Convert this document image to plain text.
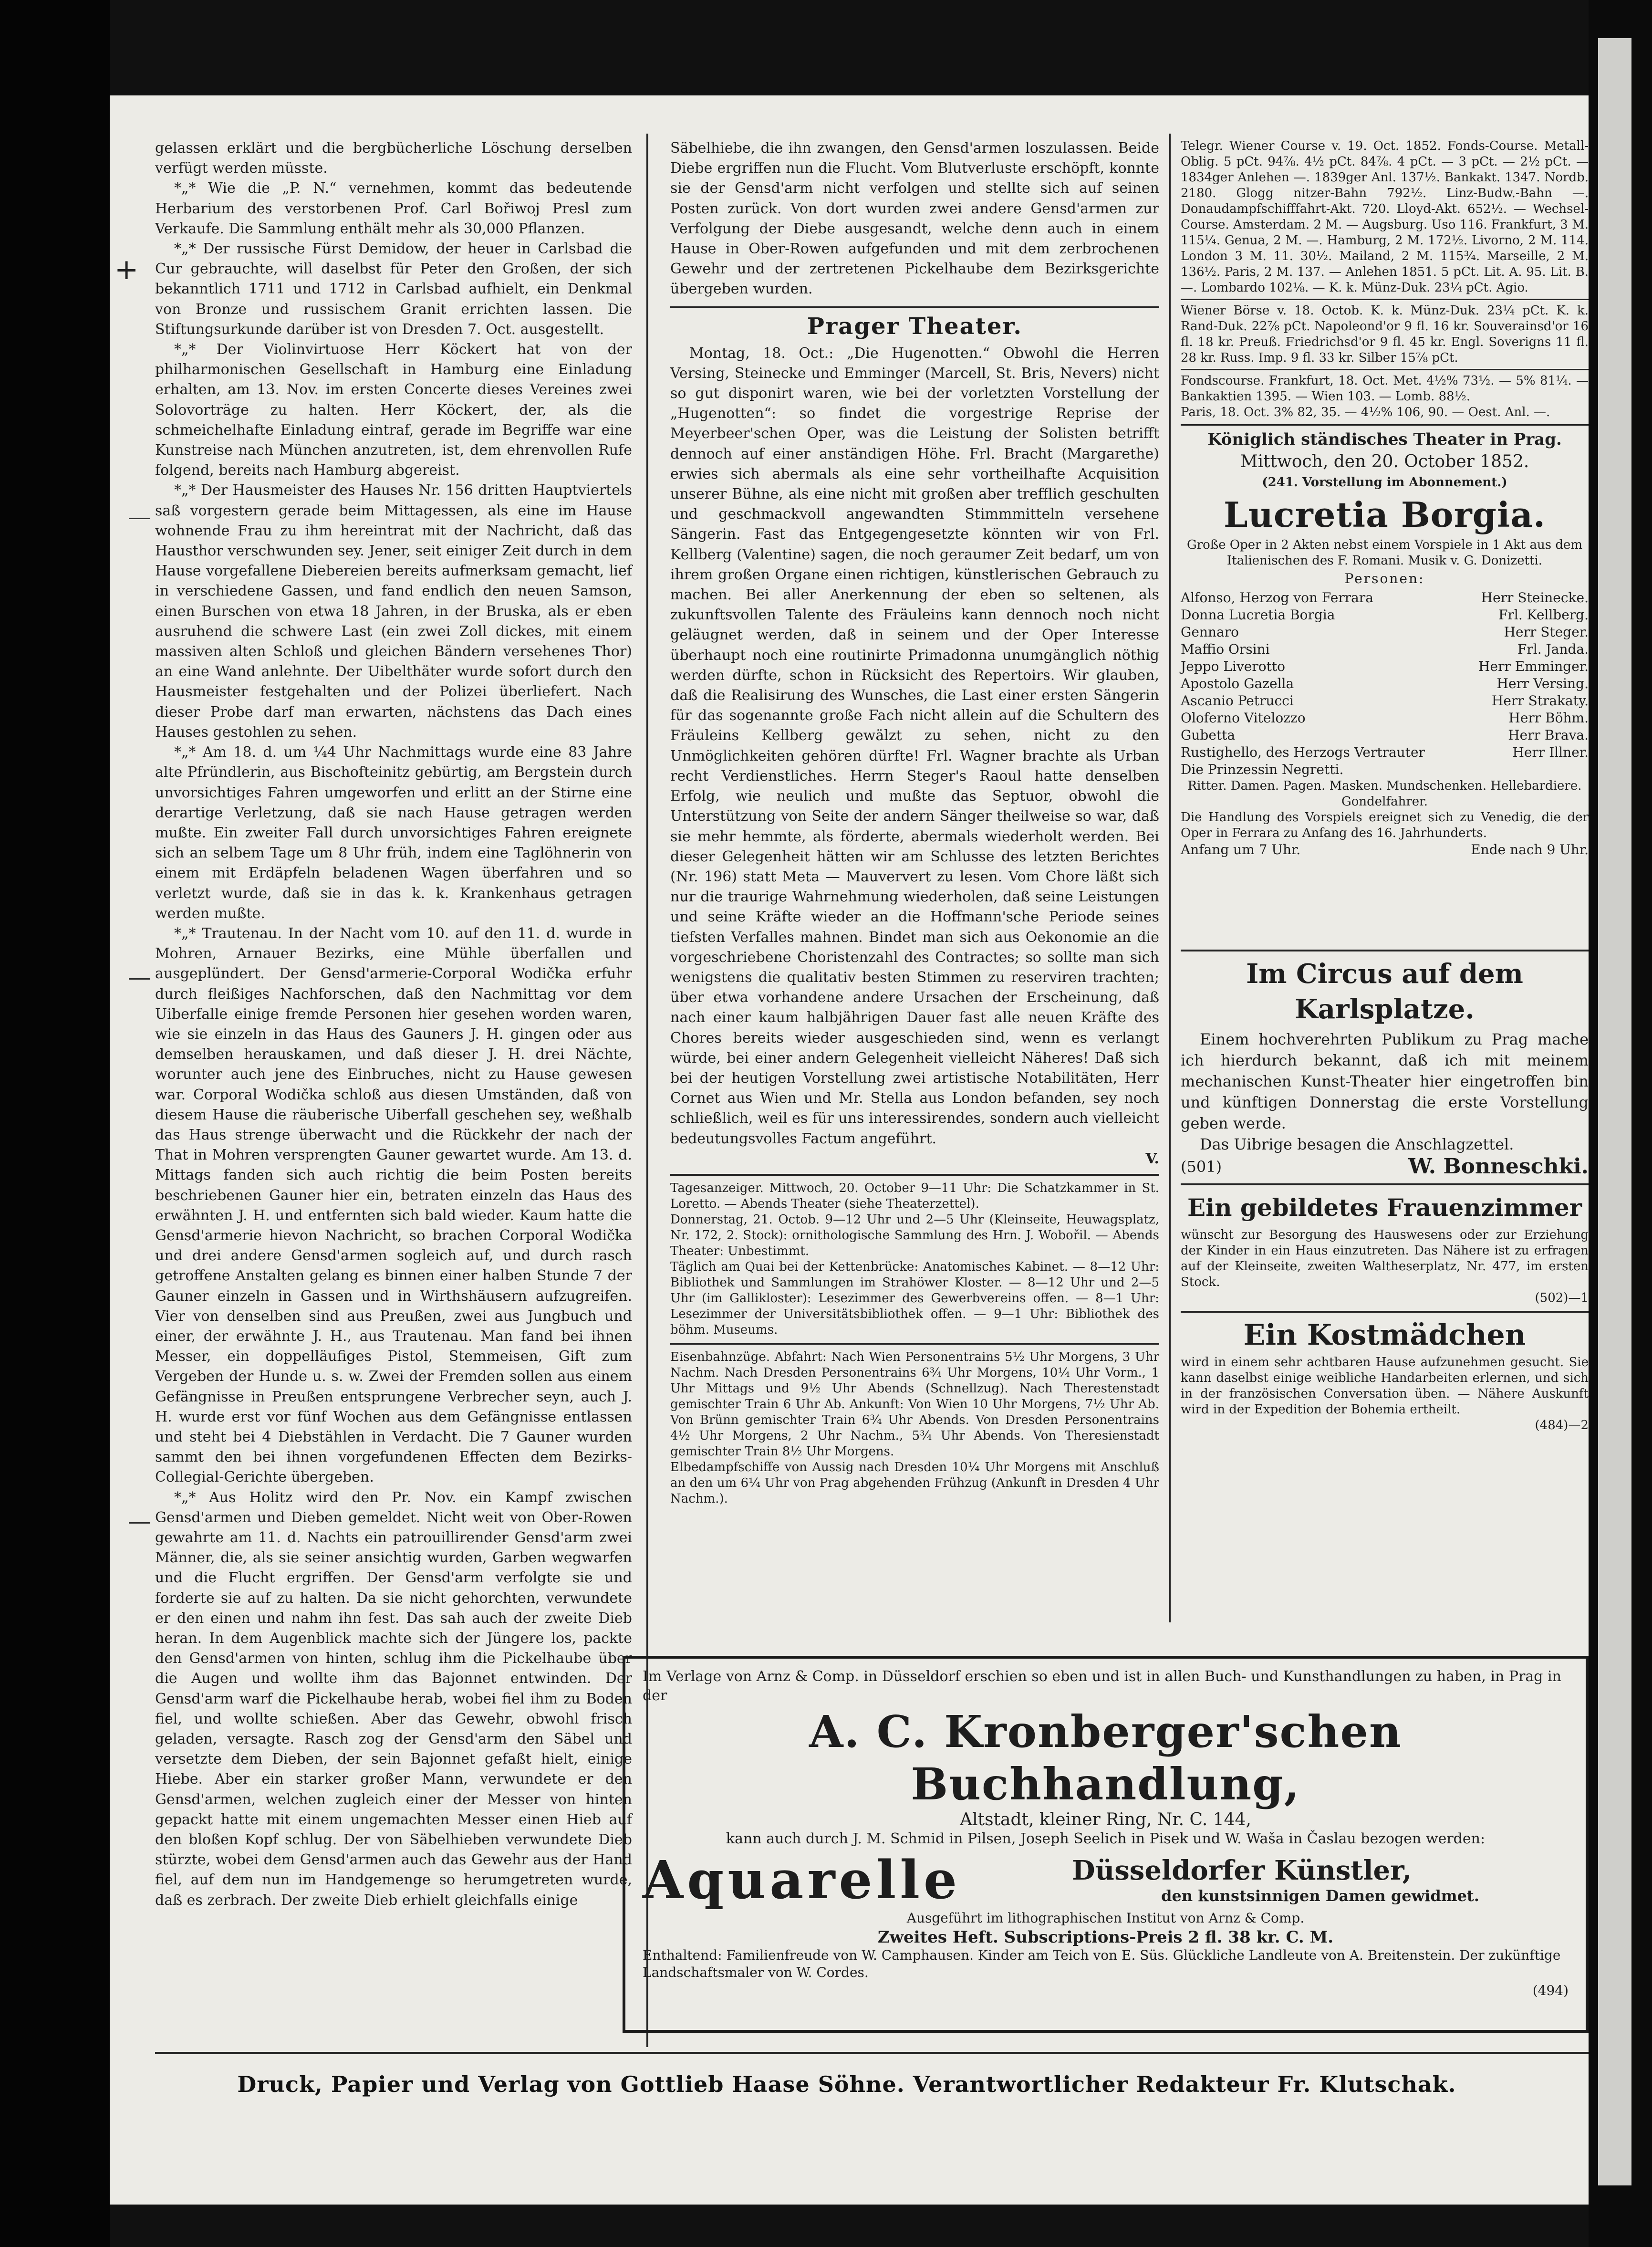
gelassen erklärt und die bergbücherliche Löschung derselben verfügt werden müsste.

*„* Wie die „P. N.“ vernehmen, kommt das bedeutende Herbarium des verstorbenen Prof. Carl Bořiwoj Presl zum Verkaufe. Die Sammlung enthält mehr als 30,000 Pflanzen.

*„* Der russische Fürst Demidow, der heuer in Carlsbad die Cur gebrauchte, will daselbst für Peter den Großen, der sich bekanntlich 1711 und 1712 in Carlsbad aufhielt, ein Denkmal von Bronze und russischem Granit errichten lassen. Die Stiftungsurkunde darüber ist von Dresden 7. Oct. ausgestellt.

*„* Der Violinvirtuose Herr Köckert hat von der philharmonischen Gesellschaft in Hamburg eine Einladung erhalten, am 13. Nov. im ersten Concerte dieses Vereines zwei Solovorträge zu halten. Herr Köckert, der, als die schmeichelhafte Einladung eintraf, gerade im Begriffe war eine Kunstreise nach München anzutreten, ist, dem ehrenvollen Rufe folgend, bereits nach Hamburg abgereist.

*„* Der Hausmeister des Hauses Nr. 156 dritten Hauptviertels saß vorgestern gerade beim Mittagessen, als eine im Hause wohnende Frau zu ihm hereintrat mit der Nachricht, daß das Hausthor verschwunden sey. Jener, seit einiger Zeit durch in dem Hause vorgefallene Diebereien bereits aufmerksam gemacht, lief in verschiedene Gassen, und fand endlich den neuen Samson, einen Burschen von etwa 18 Jahren, in der Bruska, als er eben ausruhend die schwere Last (ein zwei Zoll dickes, mit einem massiven alten Schloß und gleichen Bändern versehenes Thor) an eine Wand anlehnte. Der Uibelthäter wurde sofort durch den Hausmeister festgehalten und der Polizei überliefert. Nach dieser Probe darf man erwarten, nächstens das Dach eines Hauses gestohlen zu sehen.

*„* Am 18. d. um ¼4 Uhr Nachmittags wurde eine 83 Jahre alte Pfründlerin, aus Bischofteinitz gebürtig, am Bergstein durch unvorsichtiges Fahren umgeworfen und erlitt an der Stirne eine derartige Verletzung, daß sie nach Hause getragen werden mußte. Ein zweiter Fall durch unvorsichtiges Fahren ereignete sich an selbem Tage um 8 Uhr früh, indem eine Taglöhnerin von einem mit Erdäpfeln beladenen Wagen überfahren und so verletzt wurde, daß sie in das k. k. Krankenhaus getragen werden mußte.

*„* Trautenau. In der Nacht vom 10. auf den 11. d. wurde in Mohren, Arnauer Bezirks, eine Mühle überfallen und ausgeplündert. Der Gensd'armerie-Corporal Wodička erfuhr durch fleißiges Nachforschen, daß den Nachmittag vor dem Uiberfalle einige fremde Personen hier gesehen worden waren, wie sie einzeln in das Haus des Gauners J. H. gingen oder aus demselben herauskamen, und daß dieser J. H. drei Nächte, worunter auch jene des Einbruches, nicht zu Hause gewesen war. Corporal Wodička schloß aus diesen Umständen, daß von diesem Hause die räuberische Uiberfall geschehen sey, weßhalb das Haus strenge überwacht und die Rückkehr der nach der That in Mohren versprengten Gauner gewartet wurde. Am 13. d. Mittags fanden sich auch richtig die beim Posten bereits beschriebenen Gauner hier ein, betraten einzeln das Haus des erwähnten J. H. und entfernten sich bald wieder. Kaum hatte die Gensd'armerie hievon Nachricht, so brachen Corporal Wodička und drei andere Gensd'armen sogleich auf, und durch rasch getroffene Anstalten gelang es binnen einer halben Stunde 7 der Gauner einzeln in Gassen und in Wirthshäusern aufzugreifen. Vier von denselben sind aus Preußen, zwei aus Jungbuch und einer, der erwähnte J. H., aus Trautenau. Man fand bei ihnen Messer, ein doppelläufiges Pistol, Stemmeisen, Gift zum Vergeben der Hunde u. s. w. Zwei der Fremden sollen aus einem Gefängnisse in Preußen entsprungene Verbrecher seyn, auch J. H. wurde erst vor fünf Wochen aus dem Gefängnisse entlassen und steht bei 4 Diebstählen in Verdacht. Die 7 Gauner wurden sammt den bei ihnen vorgefundenen Effecten dem Bezirks-Collegial-Gerichte übergeben.

*„* Aus Holitz wird den Pr. Nov. ein Kampf zwischen Gensd'armen und Dieben gemeldet. Nicht weit von Ober-Rowen gewahrte am 11. d. Nachts ein patrouillirender Gensd'arm zwei Männer, die, als sie seiner ansichtig wurden, Garben wegwarfen und die Flucht ergriffen. Der Gensd'arm verfolgte sie und forderte sie auf zu halten. Da sie nicht gehorchten, verwundete er den einen und nahm ihn fest. Das sah auch der zweite Dieb heran. In dem Augenblick machte sich der Jüngere los, packte den Gensd'armen von hinten, schlug ihm die Pickelhaube über die Augen und wollte ihm das Bajonnet entwinden. Der Gensd'arm warf die Pickelhaube herab, wobei fiel ihm zu Boden fiel, und wollte schießen. Aber das Gewehr, obwohl frisch geladen, versagte. Rasch zog der Gensd'arm den Säbel und versetzte dem Dieben, der sein Bajonnet gefaßt hielt, einige Hiebe. Aber ein starker großer Mann, verwundete er den Gensd'armen, welchen zugleich einer der Messer von hinten gepackt hatte mit einem ungemachten Messer einen Hieb auf den bloßen Kopf schlug. Der von Säbelhieben verwundete Dieb stürzte, wobei dem Gensd'armen auch das Gewehr aus der Hand fiel, auf dem nun im Handgemenge so herumgetreten wurde, daß es zerbrach. Der zweite Dieb erhielt gleichfalls einige

Säbelhiebe, die ihn zwangen, den Gensd'armen loszulassen. Beide Diebe ergriffen nun die Flucht. Vom Blutverluste erschöpft, konnte sie der Gensd'arm nicht verfolgen und stellte sich auf seinen Posten zurück. Von dort wurden zwei andere Gensd'armen zur Verfolgung der Diebe ausgesandt, welche denn auch in einem Hause in Ober-Rowen aufgefunden und mit dem zerbrochenen Gewehr und der zertretenen Pickelhaube dem Bezirksgerichte übergeben wurden.

Prager Theater.

Montag, 18. Oct.: „Die Hugenotten.“ Obwohl die Herren Versing, Steinecke und Emminger (Marcell, St. Bris, Nevers) nicht so gut disponirt waren, wie bei der vorletzten Vorstellung der „Hugenotten“: so findet die vorgestrige Reprise der Meyerbeer'schen Oper, was die Leistung der Solisten betrifft dennoch auf einer anständigen Höhe. Frl. Bracht (Margarethe) erwies sich abermals als eine sehr vortheilhafte Acquisition unserer Bühne, als eine nicht mit großen aber trefflich geschulten und geschmackvoll angewandten Stimmmitteln versehene Sängerin. Fast das Entgegengesetzte könnten wir von Frl. Kellberg (Valentine) sagen, die noch geraumer Zeit bedarf, um von ihrem großen Organe einen richtigen, künstlerischen Gebrauch zu machen. Bei aller Anerkennung der eben so seltenen, als zukunftsvollen Talente des Fräuleins kann dennoch noch nicht geläugnet werden, daß in seinem und der Oper Interesse überhaupt noch eine routinirte Primadonna unumgänglich nöthig werden dürfte, schon in Rücksicht des Repertoirs. Wir glauben, daß die Realisirung des Wunsches, die Last einer ersten Sängerin für das sogenannte große Fach nicht allein auf die Schultern des Fräuleins Kellberg gewälzt zu sehen, nicht zu den Unmöglichkeiten gehören dürfte! Frl. Wagner brachte als Urban recht Verdienstliches. Herrn Steger's Raoul hatte denselben Erfolg, wie neulich und mußte das Septuor, obwohl die Unterstützung von Seite der andern Sänger theilweise so war, daß sie mehr hemmte, als förderte, abermals wiederholt werden. Bei dieser Gelegenheit hätten wir am Schlusse des letzten Berichtes (Nr. 196) statt Meta — Mauververt zu lesen. Vom Chore läßt sich nur die traurige Wahrnehmung wiederholen, daß seine Leistungen und seine Kräfte wieder an die Hoffmann'sche Periode seines tiefsten Verfalles mahnen. Bindet man sich aus Oekonomie an die vorgeschriebene Choristenzahl des Contractes; so sollte man sich wenigstens die qualitativ besten Stimmen zu reserviren trachten; über etwa vorhandene andere Ursachen der Erscheinung, daß nach einer kaum halbjährigen Dauer fast alle neuen Kräfte des Chores bereits wieder ausgeschieden sind, wenn es verlangt würde, bei einer andern Gelegenheit vielleicht Näheres! Daß sich bei der heutigen Vorstellung zwei artistische Notabilitäten, Herr Cornet aus Wien und Mr. Stella aus London befanden, sey noch schließlich, weil es für uns interessirendes, sondern auch vielleicht bedeutungsvolles Factum angeführt.

V.

Tagesanzeiger. Mittwoch, 20. October 9—11 Uhr: Die Schatzkammer in St. Loretto. — Abends Theater (siehe Theaterzettel).

Donnerstag, 21. Octob. 9—12 Uhr und 2—5 Uhr (Kleinseite, Heuwagsplatz, Nr. 172, 2. Stock): ornithologische Sammlung des Hrn. J. Wobořil. — Abends Theater: Unbestimmt.

Täglich am Quai bei der Kettenbrücke: Anatomisches Kabinet. — 8—12 Uhr: Bibliothek und Sammlungen im Strahöwer Kloster. — 8—12 Uhr und 2—5 Uhr (im Gallikloster): Lesezimmer des Gewerbvereins offen. — 8—1 Uhr: Lesezimmer der Universitätsbibliothek offen. — 9—1 Uhr: Bibliothek des böhm. Museums.

Eisenbahnzüge. Abfahrt: Nach Wien Personentrains 5½ Uhr Morgens, 3 Uhr Nachm. Nach Dresden Personentrains 6¾ Uhr Morgens, 10¼ Uhr Vorm., 1 Uhr Mittags und 9½ Uhr Abends (Schnellzug). Nach Therestenstadt gemischter Train 6 Uhr Ab. Ankunft: Von Wien 10 Uhr Morgens, 7½ Uhr Ab. Von Brünn gemischter Train 6¾ Uhr Abends. Von Dresden Personentrains 4½ Uhr Morgens, 2 Uhr Nachm., 5¾ Uhr Abends. Von Theresienstadt gemischter Train 8½ Uhr Morgens.

Elbedampfschiffe von Aussig nach Dresden 10¼ Uhr Morgens mit Anschluß an den um 6¼ Uhr von Prag abgehenden Frühzug (Ankunft in Dresden 4 Uhr Nachm.).

Telegr. Wiener Course v. 19. Oct. 1852. Fonds-Course. Metall-Oblig. 5 pCt. 94⅞. 4½ pCt. 84⅞. 4 pCt. — 3 pCt. — 2½ pCt. — 1834ger Anlehen —. 1839ger Anl. 137½. Bankakt. 1347. Nordb. 2180. Glogg nitzer-Bahn 792½. Linz-Budw.-Bahn —. Donaudampfschifffahrt-Akt. 720. Lloyd-Akt. 652½. — Wechsel-Course. Amsterdam. 2 M. — Augsburg. Uso 116. Frankfurt, 3 M. 115¼. Genua, 2 M. —. Hamburg, 2 M. 172½. Livorno, 2 M. 114. London 3 M. 11. 30½. Mailand, 2 M. 115¾. Marseille, 2 M. 136½. Paris, 2 M. 137. — Anlehen 1851. 5 pCt. Lit. A. 95. Lit. B. —. Lombardo 102⅛. — K. k. Münz-Duk. 23¼ pCt. Agio.

Wiener Börse v. 18. Octob. K. k. Münz-Duk. 23¼ pCt. K. k. Rand-Duk. 22⅞ pCt. Napoleond'or 9 fl. 16 kr. Souverainsd'or 16 fl. 18 kr. Preuß. Friedrichsd'or 9 fl. 45 kr. Engl. Soverigns 11 fl. 28 kr. Russ. Imp. 9 fl. 33 kr. Silber 15⅞ pCt.

Fondscourse. Frankfurt, 18. Oct. Met. 4½% 73½. — 5% 81¼. — Bankaktien 1395. — Wien 103. — Lomb. 88½.

Paris, 18. Oct. 3% 82, 35. — 4½% 106, 90. — Oest. Anl. —.

Königlich ständisches Theater in Prag.
Mittwoch, den 20. October 1852.
(241. Vorstellung im Abonnement.)
Lucretia Borgia.

Große Oper in 2 Akten nebst einem Vorspiele in 1 Akt aus dem Italienischen des F. Romani. Musik v. G. Donizetti.

Personen:
Alfonso, Herzog von Ferrara	Herr Steinecke.
Donna Lucretia Borgia	Frl. Kellberg.
Gennaro	Herr Steger.
Maffio Orsini	Frl. Janda.
Jeppo Liverotto	Herr Emminger.
Apostolo Gazella	Herr Versing.
Ascanio Petrucci	Herr Strakaty.
Oloferno Vitelozzo	Herr Böhm.
Gubetta	Herr Brava.
Rustighello, des Herzogs Vertrauter	Herr Illner.
Die Prinzessin Negretti.

Ritter. Damen. Pagen. Masken. Mundschenken. Hellebardiere. Gondelfahrer.

Die Handlung des Vorspiels ereignet sich zu Venedig, die der Oper in Ferrara zu Anfang des 16. Jahrhunderts.

Anfang um 7 Uhr.	Ende nach 9 Uhr.
Im Circus auf dem Karlsplatze.

Einem hochverehrten Publikum zu Prag mache ich hierdurch bekannt, daß ich mit meinem mechanischen Kunst-Theater hier eingetroffen bin und künftigen Donnerstag die erste Vorstellung geben werde.

Das Uibrige besagen die Anschlagzettel.

(501)	W. Bonneschki.
Ein gebildetes Frauenzimmer

wünscht zur Besorgung des Hauswesens oder zur Erziehung der Kinder in ein Haus einzutreten. Das Nähere ist zu erfragen auf der Kleinseite, zweiten Waltheserplatz, Nr. 477, im ersten Stock.

(502)—1
Ein Kostmädchen

wird in einem sehr achtbaren Hause aufzunehmen gesucht. Sie kann daselbst einige weibliche Handarbeiten erlernen, und sich in der französischen Conversation üben. — Nähere Auskunft wird in der Expedition der Bohemia ertheilt.

(484)—2
Im Verlage von Arnz & Comp. in Düsseldorf erschien so eben und ist in allen Buch- und Kunsthandlungen zu haben, in Prag in der
A. C. Kronberger'schen Buchhandlung,
Altstadt, kleiner Ring, Nr. C. 144,
kann auch durch J. M. Schmid in Pilsen, Joseph Seelich in Pisek und W. Waša in Časlau bezogen werden:
Aquarelle	Düsseldorfer Künstler,
den kunstsinnigen Damen gewidmet.
Ausgeführt im lithographischen Institut von Arnz & Comp.
Zweites Heft. Subscriptions-Preis 2 fl. 38 kr. C. M.
Enthaltend: Familienfreude von W. Camphausen. Kinder am Teich von E. Süs. Glückliche Landleute von A. Breitenstein. Der zukünftige Landschaftsmaler von W. Cordes.
(494)
Druck, Papier und Verlag von Gottlieb Haase Söhne. Verantwortlicher Redakteur Fr. Klutschak.
+
